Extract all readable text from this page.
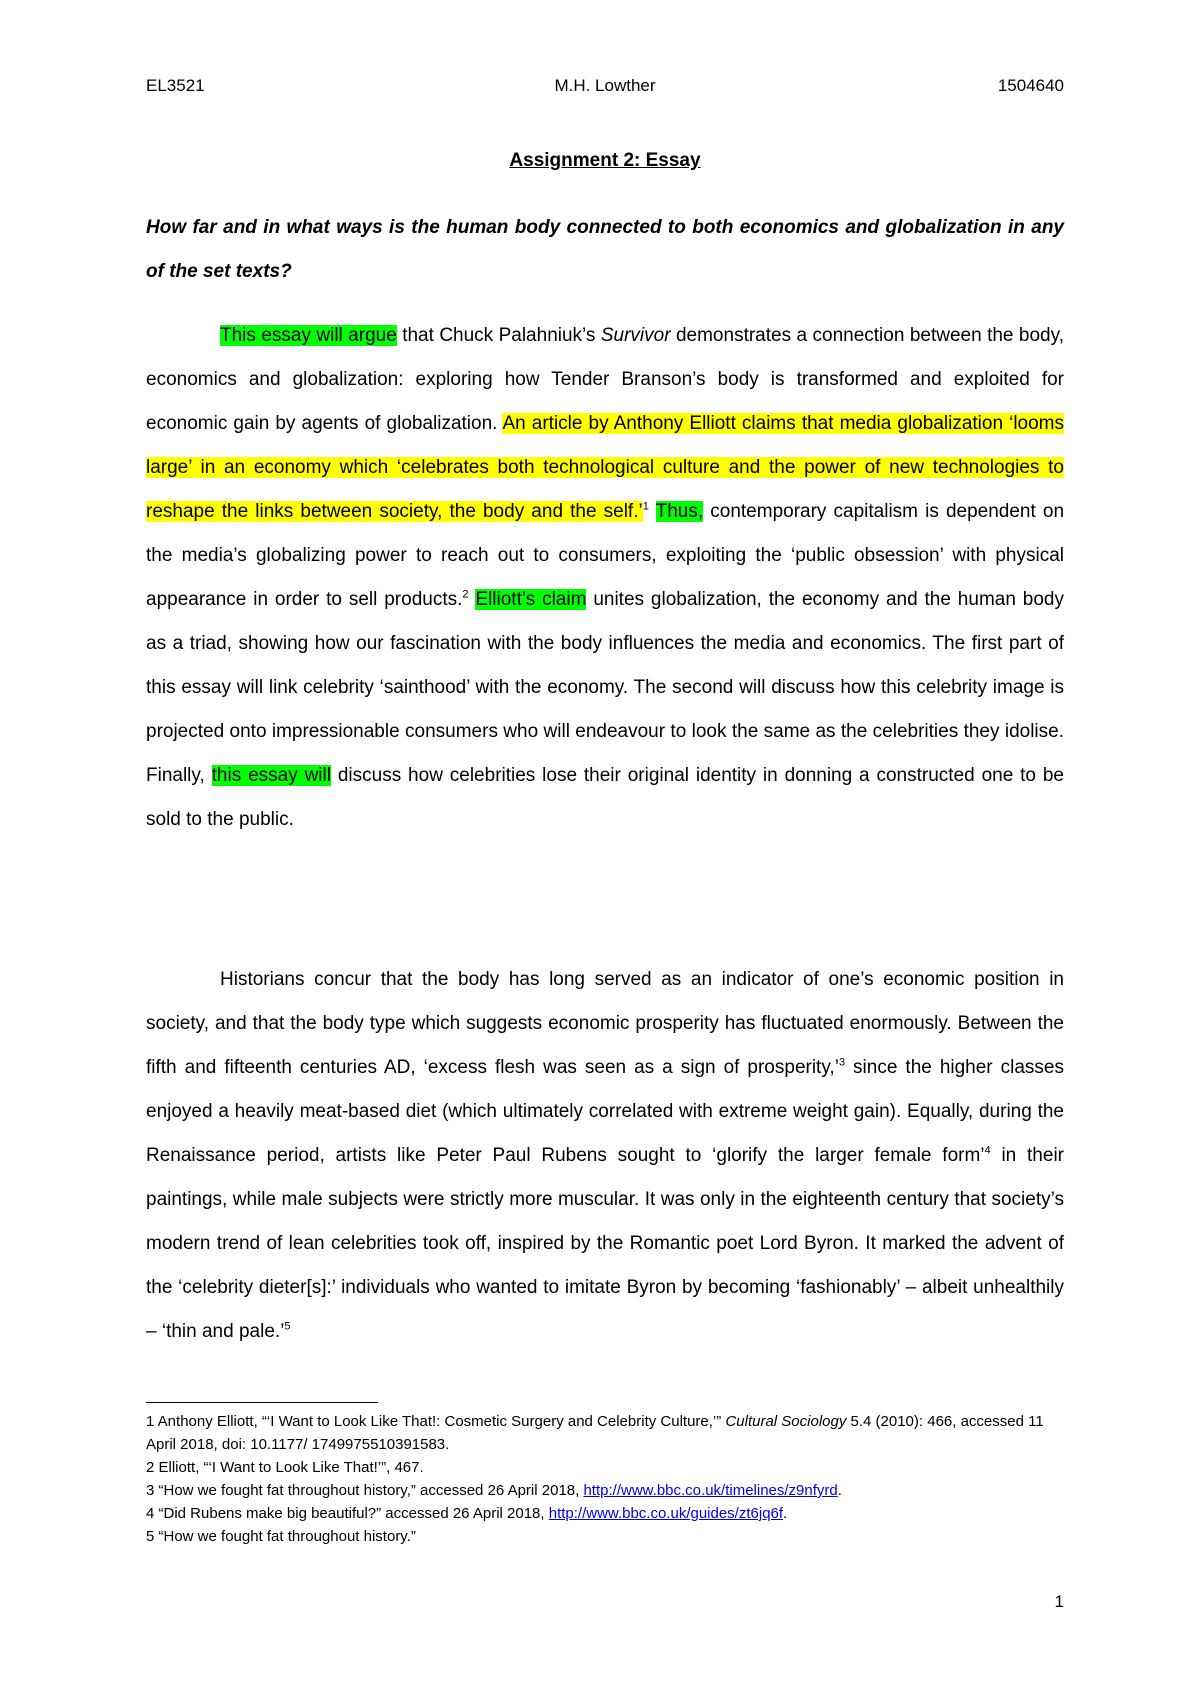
M.H. Lowther
EL3521	1504640
Assignment 2: Essay
How far and in what ways is the human body connected to both economics and globalization in any of the set texts?
This essay will argue that Chuck Palahniuk’s Survivor demonstrates a connection between the body, economics and globalization: exploring how Tender Branson’s body is transformed and exploited for economic gain by agents of globalization. An article by Anthony Elliott claims that media globalization ‘looms large’ in an economy which ‘celebrates both technological culture and the power of new technologies to reshape the links between society, the body and the self.’$^1$ Thus, contemporary capitalism is dependent on the media’s globalizing power to reach out to consumers, exploiting the ‘public obsession’ with physical appearance in order to sell products.$^2$ Elliott’s claim unites globalization, the economy and the human body as a triad, showing how our fascination with the body influences the media and economics. The first part of this essay will link celebrity ‘sainthood’ with the economy. The second will discuss how this celebrity image is projected onto impressionable consumers who will endeavour to look the same as the celebrities they idolise. Finally, this essay will discuss how celebrities lose their original identity in donning a constructed one to be sold to the public.
Historians concur that the body has long served as an indicator of one’s economic position in society, and that the body type which suggests economic prosperity has fluctuated enormously. Between the fifth and fifteenth centuries AD, ‘excess flesh was seen as a sign of prosperity,’$^3$ since the higher classes enjoyed a heavily meat-based diet (which ultimately correlated with extreme weight gain). Equally, during the Renaissance period, artists like Peter Paul Rubens sought to ‘glorify the larger female form’$^4$ in their paintings, while male subjects were strictly more muscular. It was only in the eighteenth century that society’s modern trend of lean celebrities took off, inspired by the Romantic poet Lord Byron. It marked the advent of the ‘celebrity dieter[s]:’ individuals who wanted to imitate Byron by becoming ‘fashionably’ – albeit unhealthily – ‘thin and pale.’$^5$
1 Anthony Elliott, “‘I Want to Look Like That!: Cosmetic Surgery and Celebrity Culture,’” Cultural Sociology 5.4 (2010): 466, accessed 11 April 2018, doi: 10.1177/ 1749975510391583.
2 Elliott, “‘I Want to Look Like That!’”, 467.
3 “How we fought fat throughout history,” accessed 26 April 2018, http://www.bbc.co.uk/timelines/z9nfyrd.
4 “Did Rubens make big beautiful?” accessed 26 April 2018, http://www.bbc.co.uk/guides/zt6jq6f.
5 “How we fought fat throughout history.”
1
